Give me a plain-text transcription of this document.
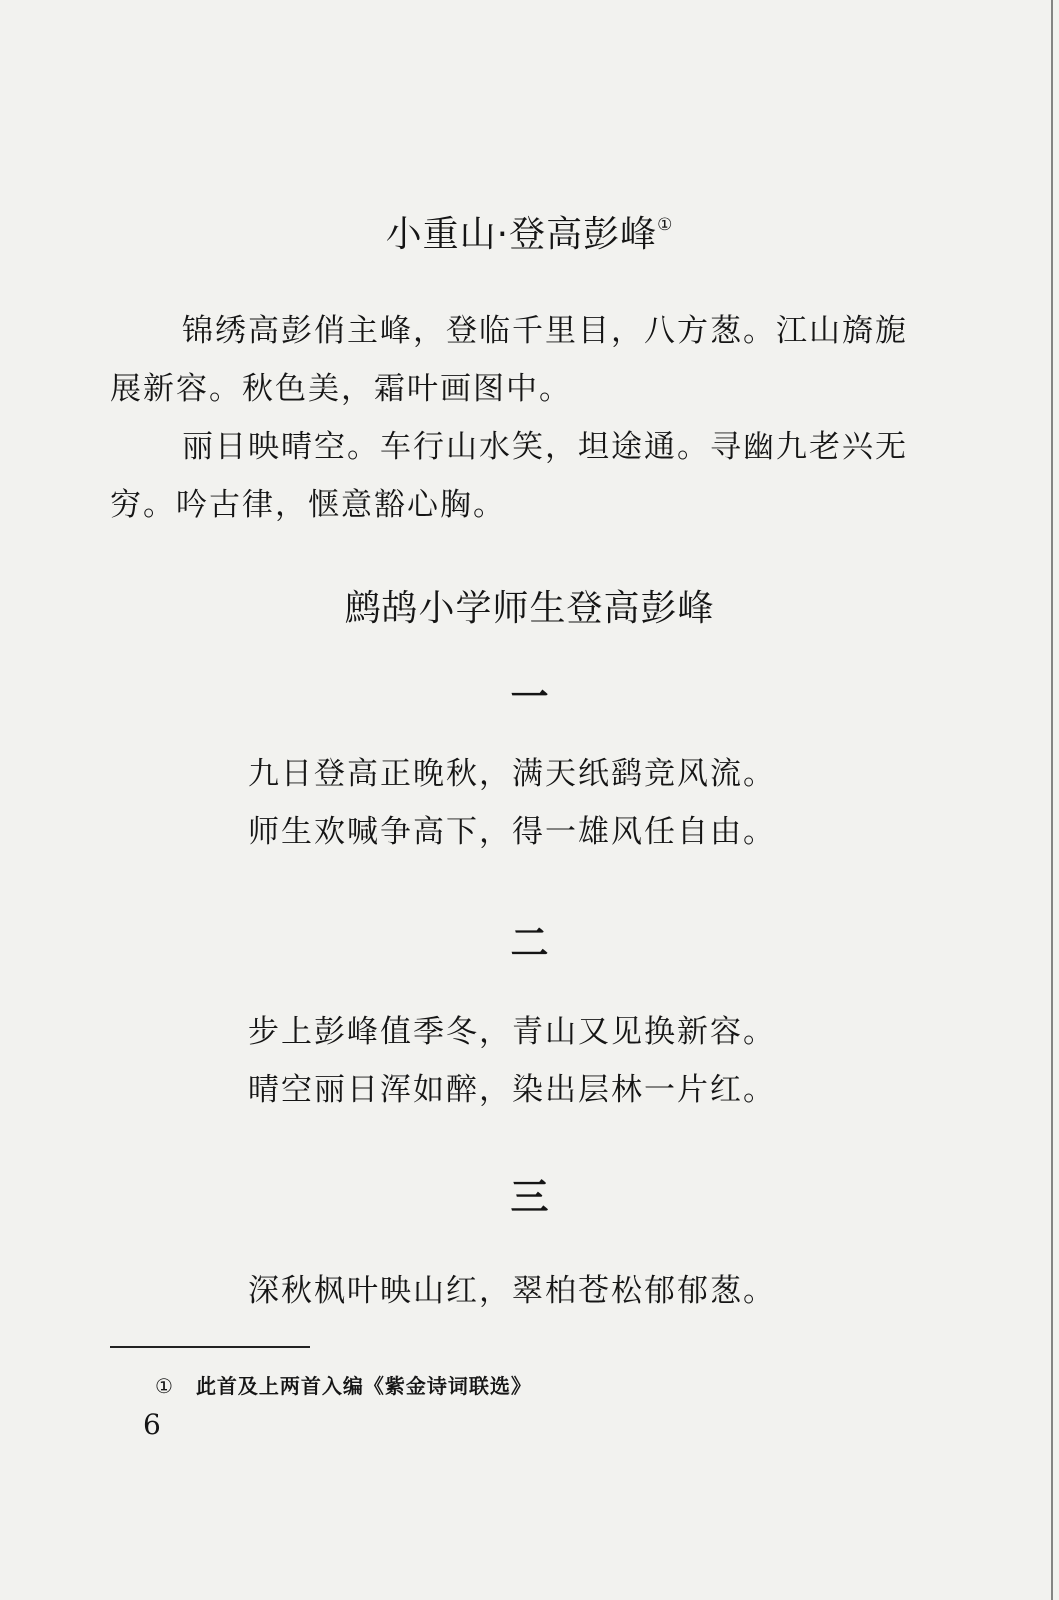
小重山·登高彭峰①
锦绣高彭俏主峰，登临千里目，八方葱。江山旖旎展新容。秋色美，霜叶画图中。
丽日映晴空。车行山水笑，坦途通。寻幽九老兴无穷。吟古律，惬意豁心胸。
鹧鸪小学师生登高彭峰
一
九日登高正晚秋，满天纸鹞竞风流。
师生欢喊争高下，得一雄风任自由。
二
步上彭峰值季冬，青山又见换新容。
晴空丽日浑如醉，染出层林一片红。
三
深秋枫叶映山红，翠柏苍松郁郁葱。
① 此首及上两首入编《紫金诗词联选》
6
